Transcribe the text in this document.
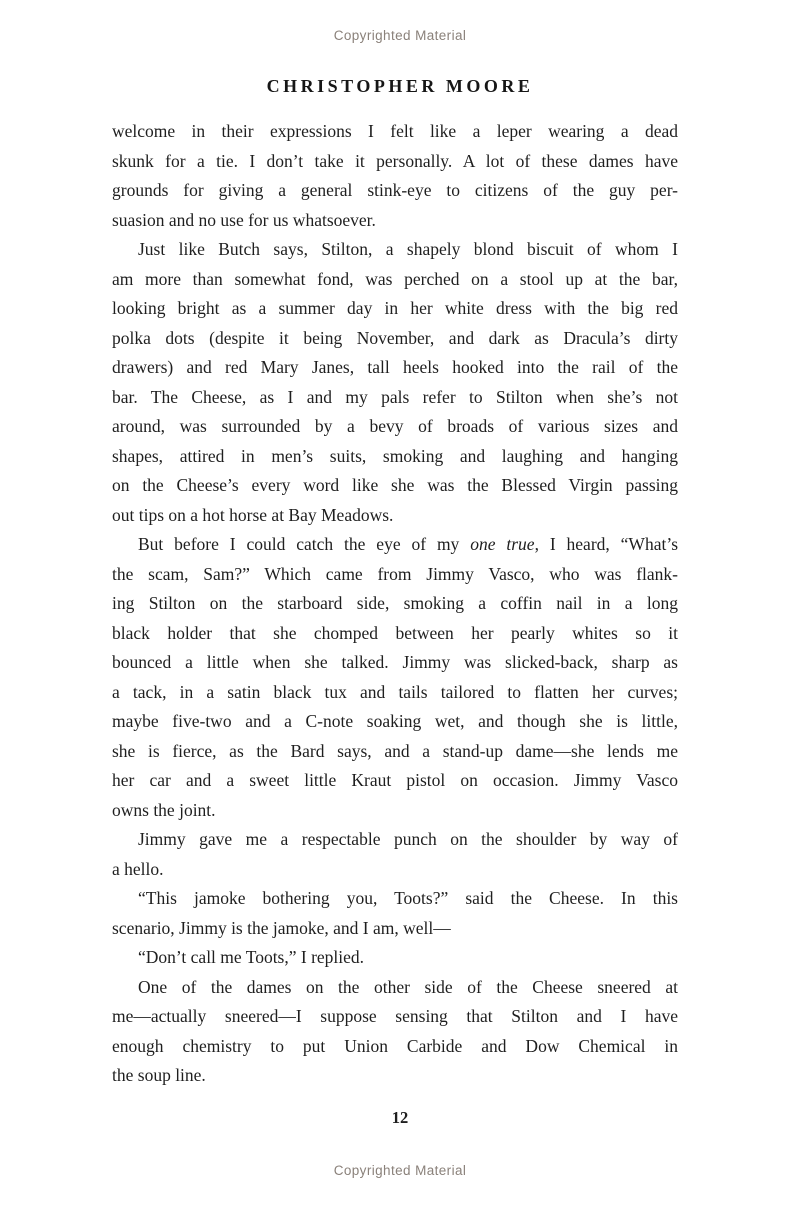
Copyrighted Material
CHRISTOPHER MOORE
welcome in their expressions I felt like a leper wearing a dead
skunk for a tie. I don’t take it personally. A lot of these dames have
grounds for giving a general stink-eye to citizens of the guy per-
suasion and no use for us whatsoever.
Just like Butch says, Stilton, a shapely blond biscuit of whom I
am more than somewhat fond, was perched on a stool up at the bar,
looking bright as a summer day in her white dress with the big red
polka dots (despite it being November, and dark as Dracula’s dirty
drawers) and red Mary Janes, tall heels hooked into the rail of the
bar. The Cheese, as I and my pals refer to Stilton when she’s not
around, was surrounded by a bevy of broads of various sizes and
shapes, attired in men’s suits, smoking and laughing and hanging
on the Cheese’s every word like she was the Blessed Virgin passing
out tips on a hot horse at Bay Meadows.
But before I could catch the eye of my one true, I heard, “What’s
the scam, Sam?” Which came from Jimmy Vasco, who was flank-
ing Stilton on the starboard side, smoking a coffin nail in a long
black holder that she chomped between her pearly whites so it
bounced a little when she talked. Jimmy was slicked-back, sharp as
a tack, in a satin black tux and tails tailored to flatten her curves;
maybe five-two and a C-note soaking wet, and though she is little,
she is fierce, as the Bard says, and a stand-up dame—she lends me
her car and a sweet little Kraut pistol on occasion. Jimmy Vasco
owns the joint.
Jimmy gave me a respectable punch on the shoulder by way of
a hello.
“This jamoke bothering you, Toots?” said the Cheese. In this
scenario, Jimmy is the jamoke, and I am, well—
“Don’t call me Toots,” I replied.
One of the dames on the other side of the Cheese sneered at
me—actually sneered—I suppose sensing that Stilton and I have
enough chemistry to put Union Carbide and Dow Chemical in
the soup line.
12
Copyrighted Material
